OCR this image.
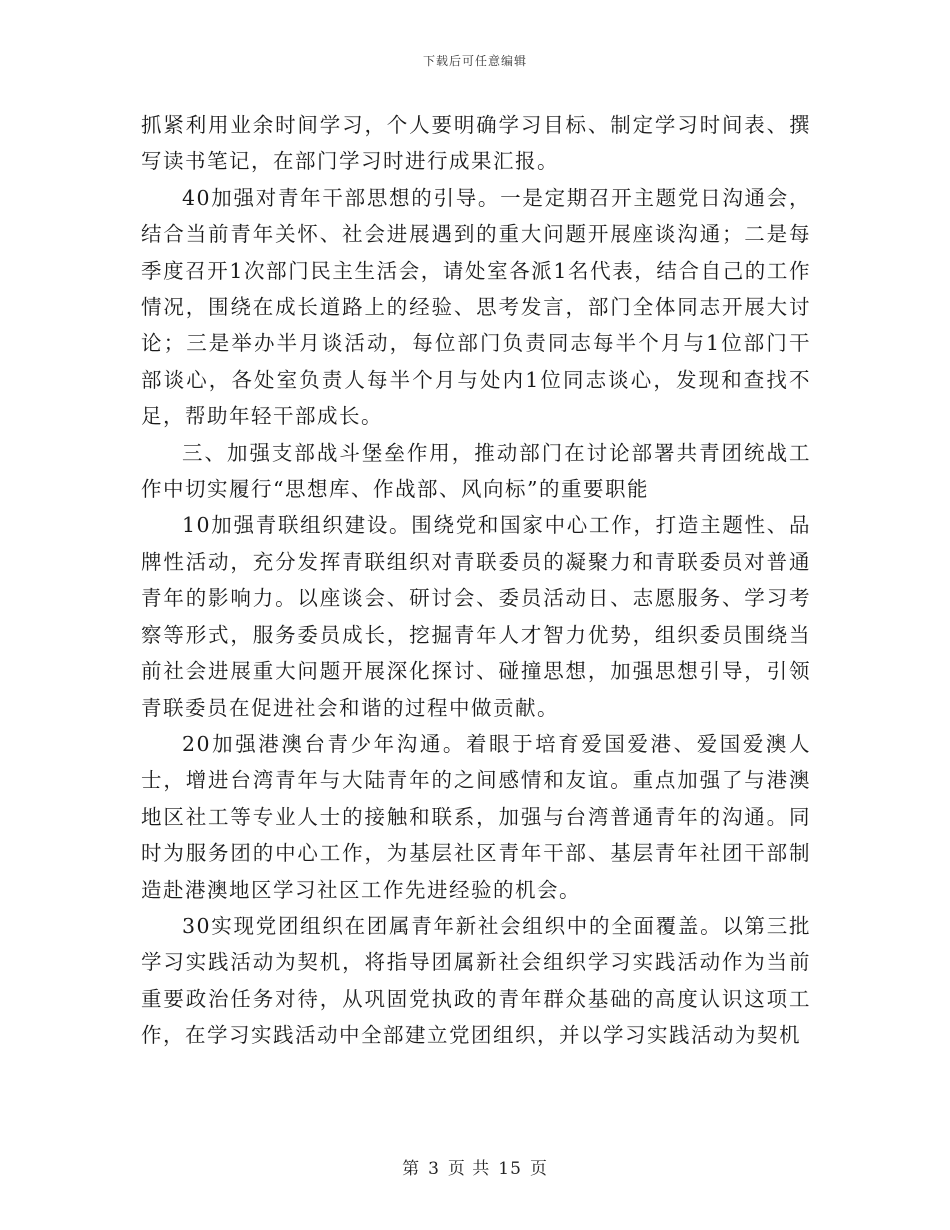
下载后可任意编辑

抓紧利用业余时间学习，个人要明确学习目标、制定学习时间表、撰写读书笔记，在部门学习时进行成果汇报。

40加强对青年干部思想的引导。一是定期召开主题党日沟通会，结合当前青年关怀、社会进展遇到的重大问题开展座谈沟通；二是每季度召开1次部门民主生活会，请处室各派1名代表，结合自己的工作情况，围绕在成长道路上的经验、思考发言，部门全体同志开展大讨论；三是举办半月谈活动，每位部门负责同志每半个月与1位部门干部谈心，各处室负责人每半个月与处内1位同志谈心，发现和查找不足，帮助年轻干部成长。

三、加强支部战斗堡垒作用，推动部门在讨论部署共青团统战工作中切实履行“思想库、作战部、风向标”的重要职能

10加强青联组织建设。围绕党和国家中心工作，打造主题性、品牌性活动，充分发挥青联组织对青联委员的凝聚力和青联委员对普通青年的影响力。以座谈会、研讨会、委员活动日、志愿服务、学习考察等形式，服务委员成长，挖掘青年人才智力优势，组织委员围绕当前社会进展重大问题开展深化探讨、碰撞思想，加强思想引导，引领青联委员在促进社会和谐的过程中做贡献。

20加强港澳台青少年沟通。着眼于培育爱国爱港、爱国爱澳人士，增进台湾青年与大陆青年的之间感情和友谊。重点加强了与港澳地区社工等专业人士的接触和联系，加强与台湾普通青年的沟通。同时为服务团的中心工作，为基层社区青年干部、基层青年社团干部制造赴港澳地区学习社区工作先进经验的机会。

30实现党团组织在团属青年新社会组织中的全面覆盖。以第三批学习实践活动为契机，将指导团属新社会组织学习实践活动作为当前重要政治任务对待，从巩固党执政的青年群众基础的高度认识这项工作，在学习实践活动中全部建立党团组织，并以学习实践活动为契机

第 3 页 共 15 页
